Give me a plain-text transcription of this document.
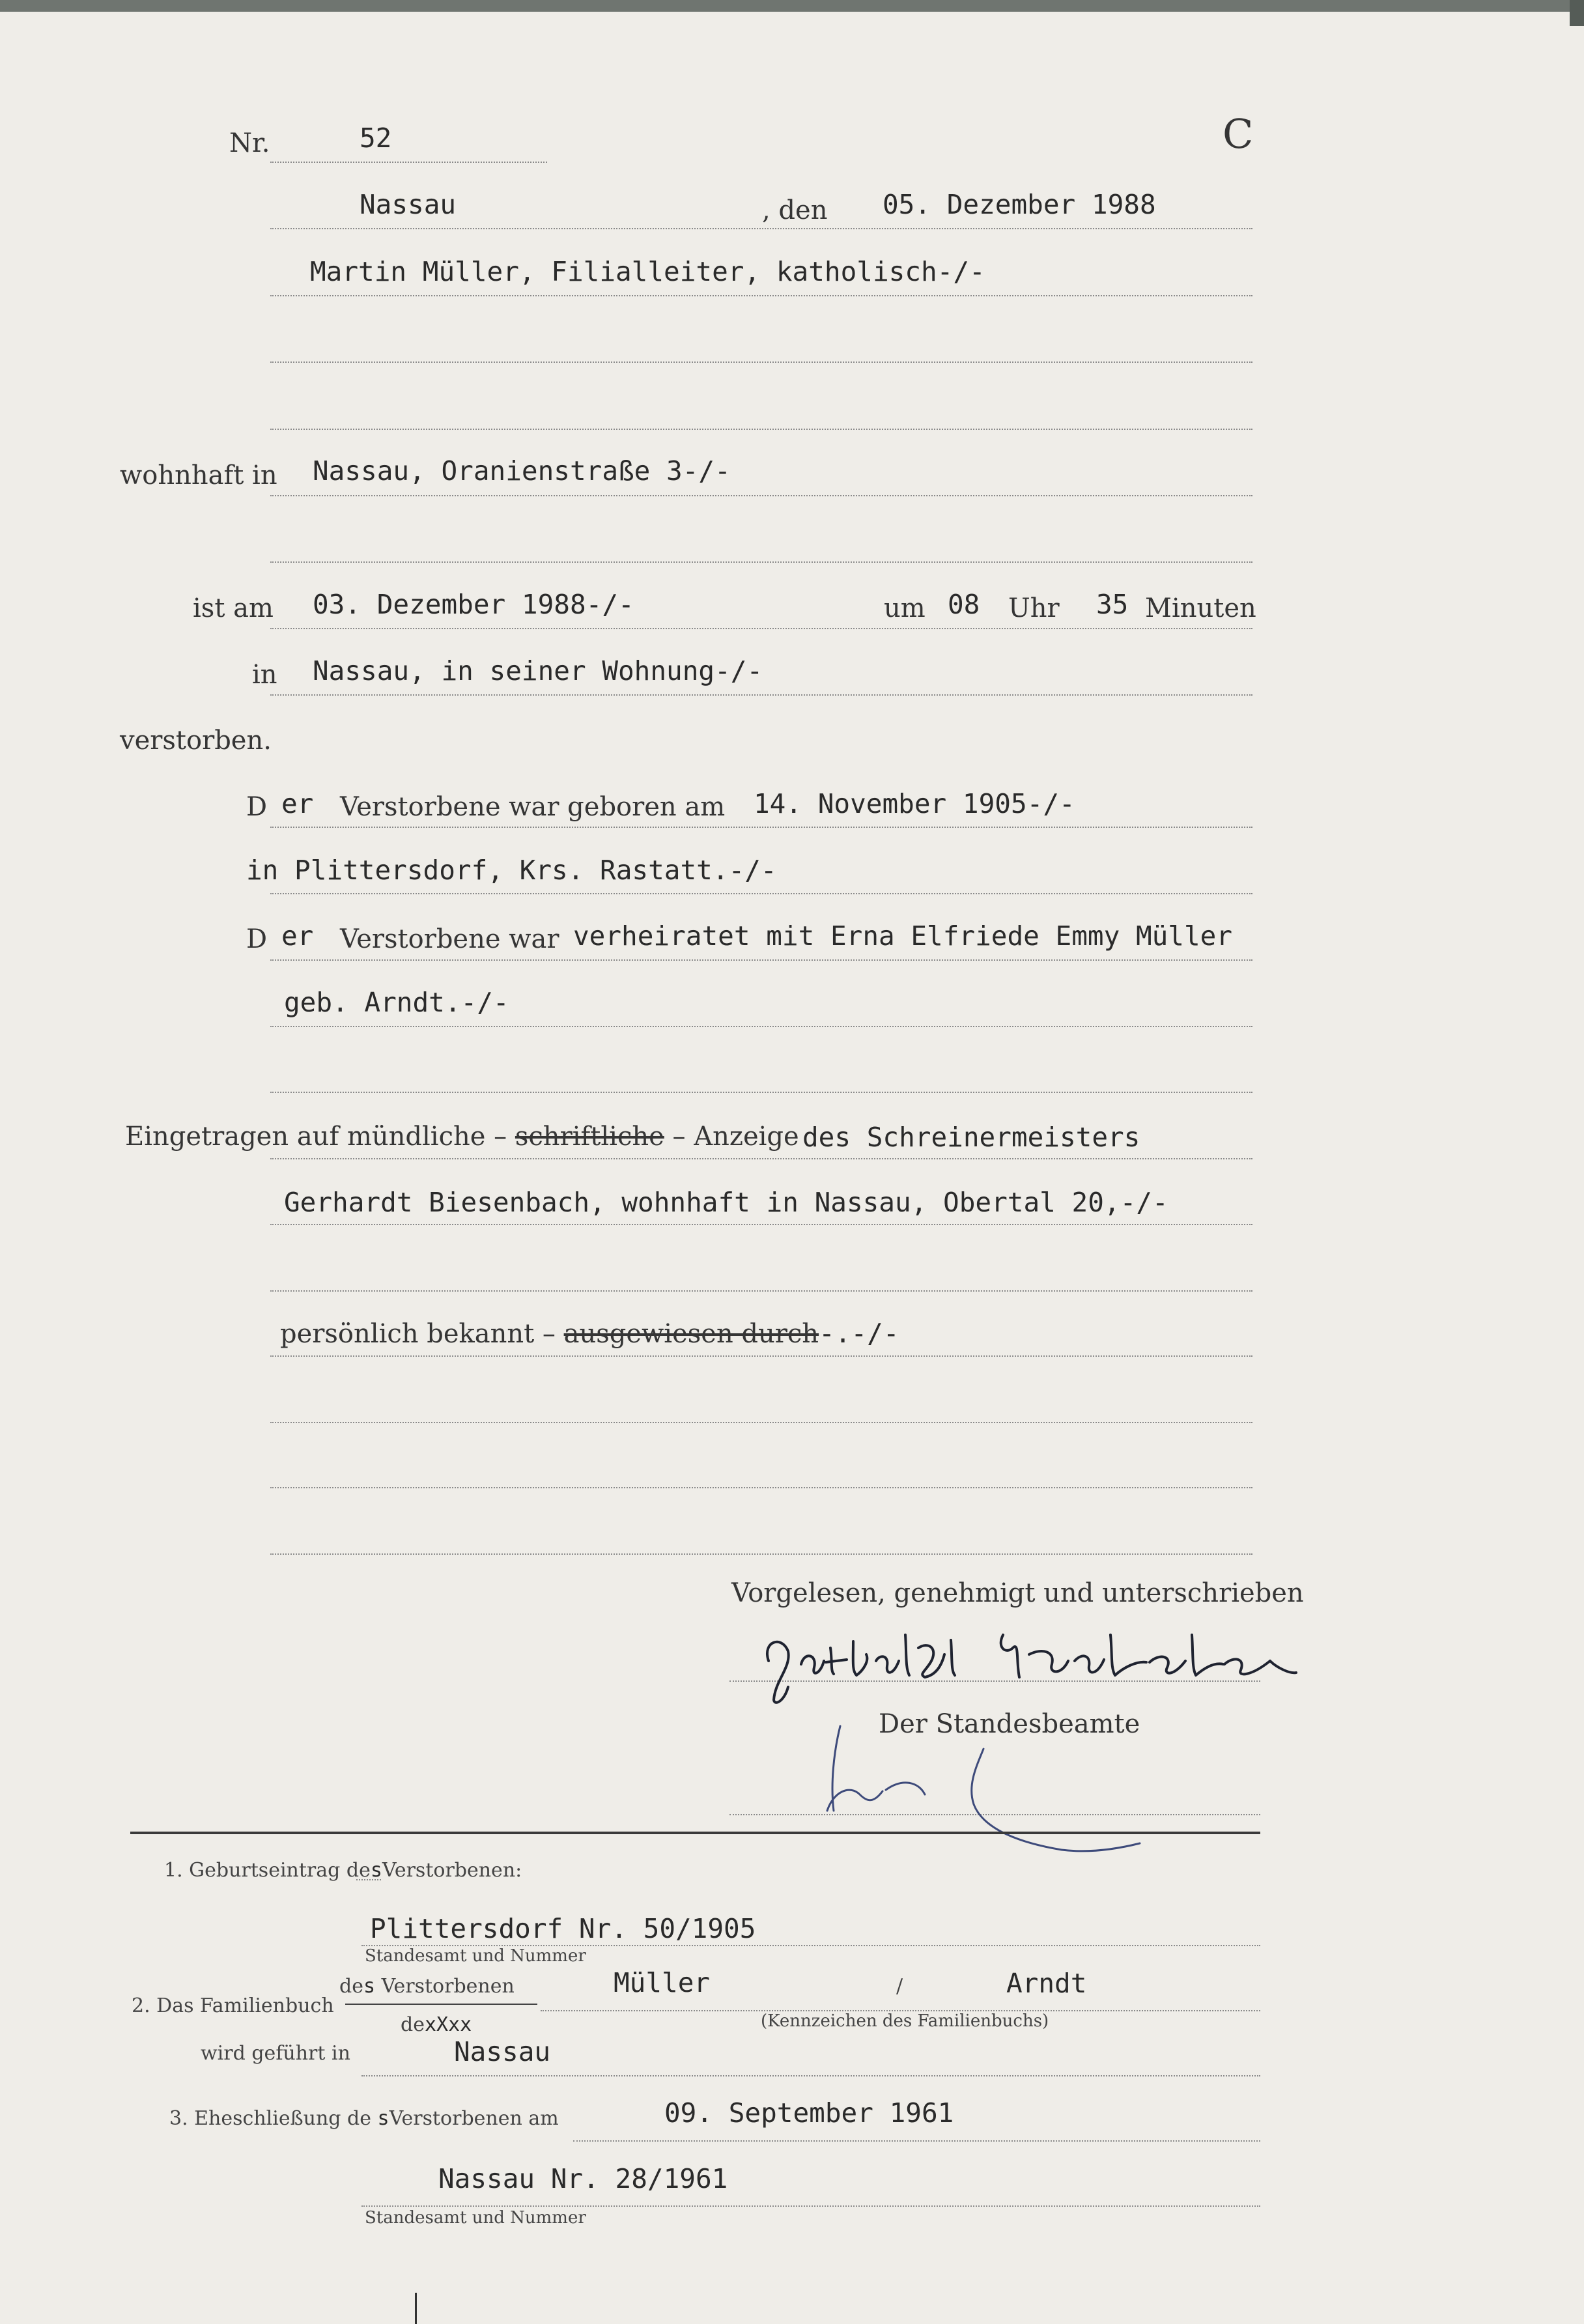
Nr.	52	C
Nassau	, den 05. Dezember 1988
Martin Müller, Filialleiter, katholisch-/-
wohnhaft in Nassau, Oranienstraße 3-/-
ist am 03. Dezember 1988-/-	um 08 Uhr 35 Minuten
in Nassau, in seiner Wohnung-/-
verstorben.
D er Verstorbene war geboren am 14. November 1905-/-
in Plittersdorf, Krs. Rastatt.-/-
D er Verstorbene war verheiratet mit Erna Elfriede Emmy Müller
geb. Arndt.-/-
Eingetragen auf mündliche – schriftliche – Anzeige des Schreinermeisters
Gerhardt Biesenbach, wohnhaft in Nassau, Obertal 20,-/-
persönlich bekannt – ausgewiesen durch-.-/-
Vorgelesen, genehmigt und unterschrieben
Der Standesbeamte
1. Geburtseintrag desVerstorbenen:
Plittersdorf Nr. 50/1905
Standesamt und Nummer
des Verstorbenen	Müller	/	Arndt
2. Das Familienbuch
dexXxx	(Kennzeichen des Familienbuchs)
wird geführt in	Nassau
3. Eheschließung de sVerstorbenen am	09. September 1961
Nassau Nr. 28/1961
Standesamt und Nummer
